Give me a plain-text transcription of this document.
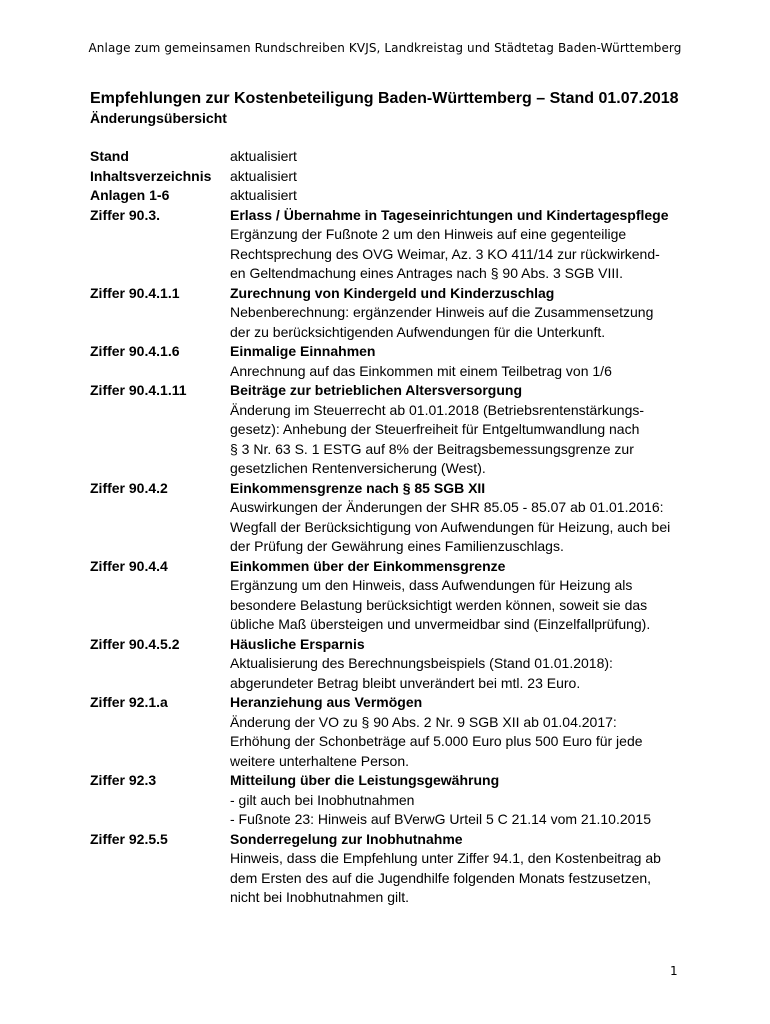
Anlage zum gemeinsamen Rundschreiben KVJS, Landkreistag und Städtetag Baden-Württemberg
Empfehlungen zur Kostenbeteiligung Baden-Württemberg – Stand 01.07.2018
Änderungsübersicht
Stand	aktualisiert
Inhaltsverzeichnis	aktualisiert
Anlagen 1-6	aktualisiert
Ziffer 90.3.	Erlass / Übernahme in Tageseinrichtungen und Kindertagespflege
Ergänzung der Fußnote 2 um den Hinweis auf eine gegenteilige
Rechtsprechung des OVG Weimar, Az. 3 KO 411/14 zur rückwirkend-
en Geltendmachung eines Antrages nach § 90 Abs. 3 SGB VIII.
Ziffer 90.4.1.1	Zurechnung von Kindergeld und Kinderzuschlag
Nebenberechnung: ergänzender Hinweis auf die Zusammensetzung
der zu berücksichtigenden Aufwendungen für die Unterkunft.
Ziffer 90.4.1.6	Einmalige Einnahmen
Anrechnung auf das Einkommen mit einem Teilbetrag von 1/6
Ziffer 90.4.1.11	Beiträge zur betrieblichen Altersversorgung
Änderung im Steuerrecht ab 01.01.2018 (Betriebsrentenstärkungs-
gesetz): Anhebung der Steuerfreiheit für Entgeltumwandlung nach
§ 3 Nr. 63 S. 1 ESTG auf 8% der Beitragsbemessungsgrenze zur
gesetzlichen Rentenversicherung (West).
Ziffer 90.4.2	Einkommensgrenze nach § 85 SGB XII
Auswirkungen der Änderungen der SHR 85.05 - 85.07 ab 01.01.2016:
Wegfall der Berücksichtigung von Aufwendungen für Heizung, auch bei
der Prüfung der Gewährung eines Familienzuschlags.
Ziffer 90.4.4	Einkommen über der Einkommensgrenze
Ergänzung um den Hinweis, dass Aufwendungen für Heizung als
besondere Belastung berücksichtigt werden können, soweit sie das
übliche Maß übersteigen und unvermeidbar sind (Einzelfallprüfung).
Ziffer 90.4.5.2	Häusliche Ersparnis
Aktualisierung des Berechnungsbeispiels (Stand 01.01.2018):
abgerundeter Betrag bleibt unverändert bei mtl. 23 Euro.
Ziffer 92.1.a	Heranziehung aus Vermögen
Änderung der VO zu § 90 Abs. 2 Nr. 9 SGB XII ab 01.04.2017:
Erhöhung der Schonbeträge auf 5.000 Euro plus 500 Euro für jede
weitere unterhaltene Person.
Ziffer 92.3	Mitteilung über die Leistungsgewährung
- gilt auch bei Inobhutnahmen
- Fußnote 23: Hinweis auf BVerwG Urteil 5 C 21.14 vom 21.10.2015
Ziffer 92.5.5	Sonderregelung zur Inobhutnahme
Hinweis, dass die Empfehlung unter Ziffer 94.1, den Kostenbeitrag ab
dem Ersten des auf die Jugendhilfe folgenden Monats festzusetzen,
nicht bei Inobhutnahmen gilt.
1
